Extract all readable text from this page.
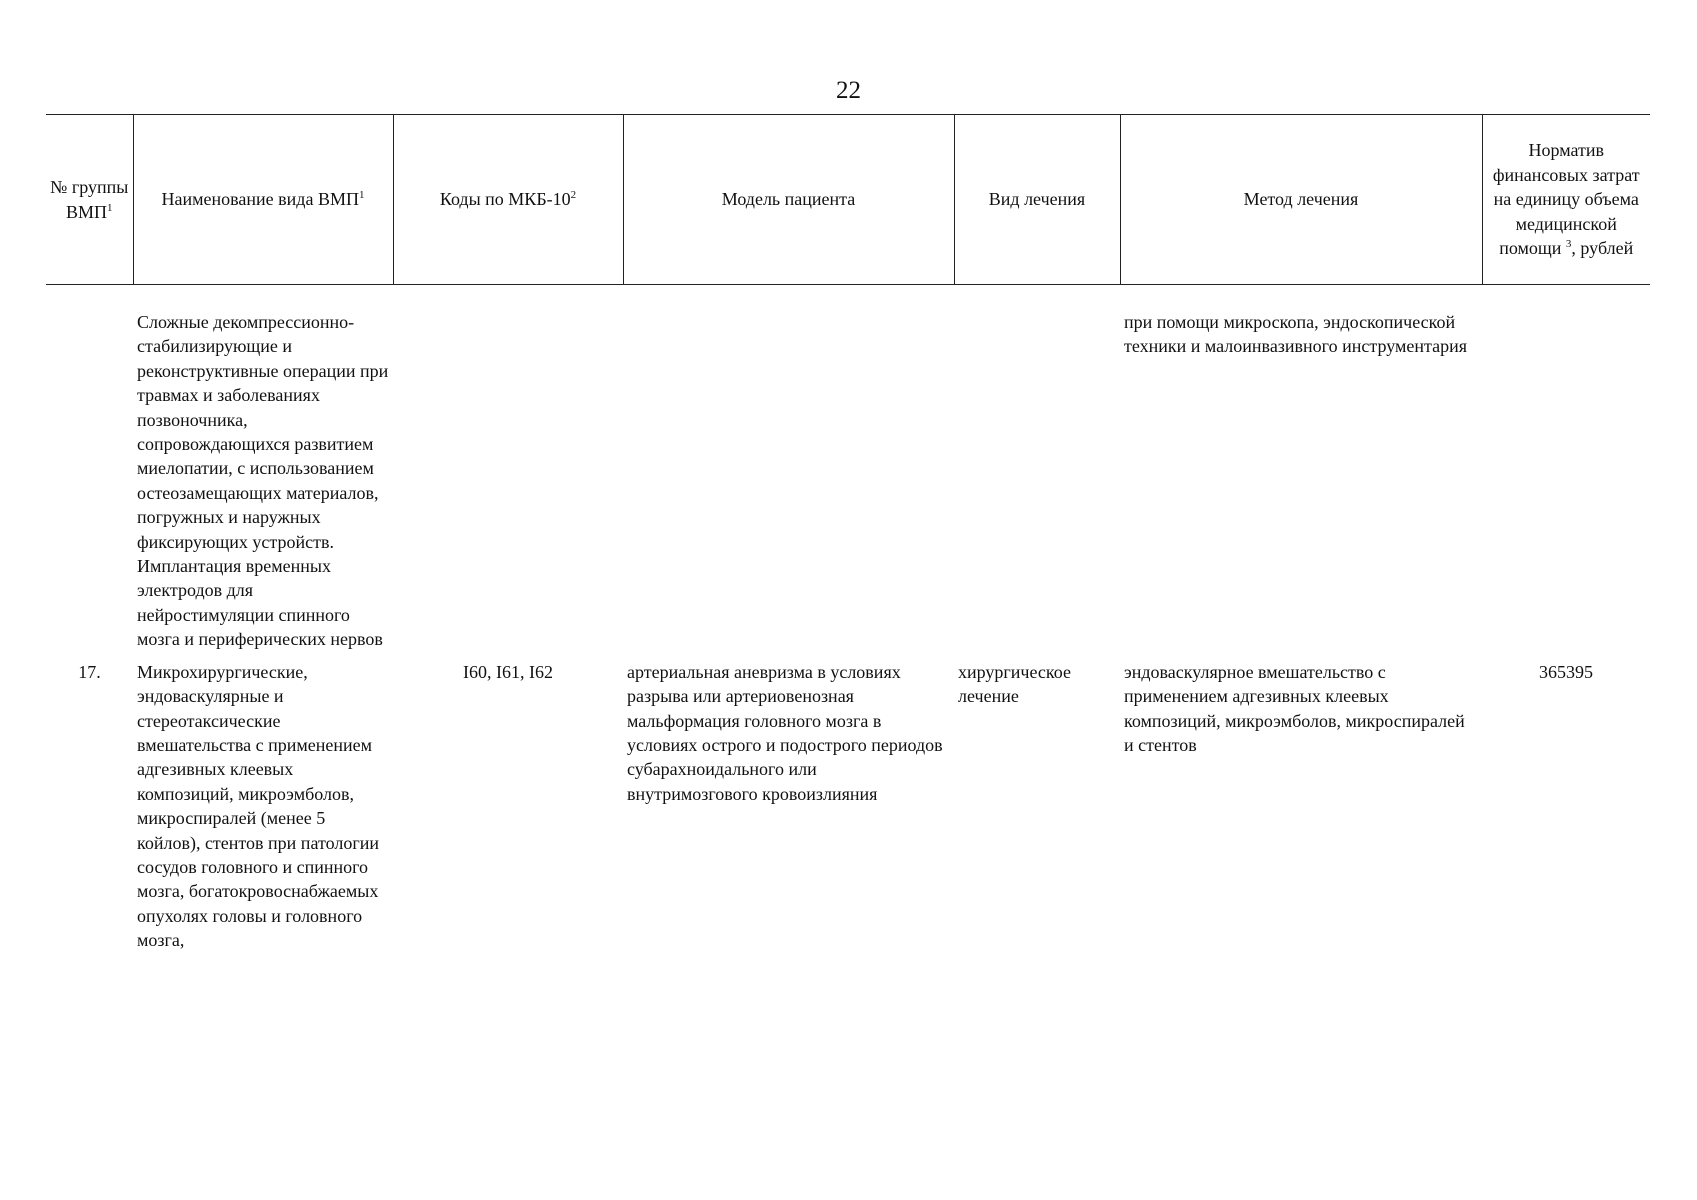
22
№ группы ВМП$^1$	Наименование вида ВМП$^1$	Коды по МКБ-$10^2$	Модель пациента	Вид лечения	Метод лечения	Норматив финансовых затрат на единицу объема медицинской помощи $^3$, рублей
	Сложные декомпрессионно-стабилизирующие и реконструктивные операции при травмах и заболеваниях позвоночника, сопровождающихся развитием миелопатии, с использованием остеозамещающих материалов, погружных и наружных фиксирующих устройств. Имплантация временных электродов для нейростимуляции спинного мозга и периферических нервов				при помощи микроскопа, эндоскопической техники и малоинвазивного инструментария	
17.	Микрохирургические, эндоваскулярные и стереотаксические вмешательства с применением адгезивных клеевых композиций, микроэмболов, микроспиралей (менее 5 койлов), стентов при патологии сосудов головного и спинного мозга, богатокровоснабжаемых опухолях головы и головного мозга,	I60, I61, I62	артериальная аневризма в условиях разрыва или артериовенозная мальформация головного мозга в условиях острого и подострого периодов субарахноидального или внутримозгового кровоизлияния	хирургическое лечение	эндоваскулярное вмешательство с применением адгезивных клеевых композиций, микроэмболов, микроспиралей и стентов	365395
